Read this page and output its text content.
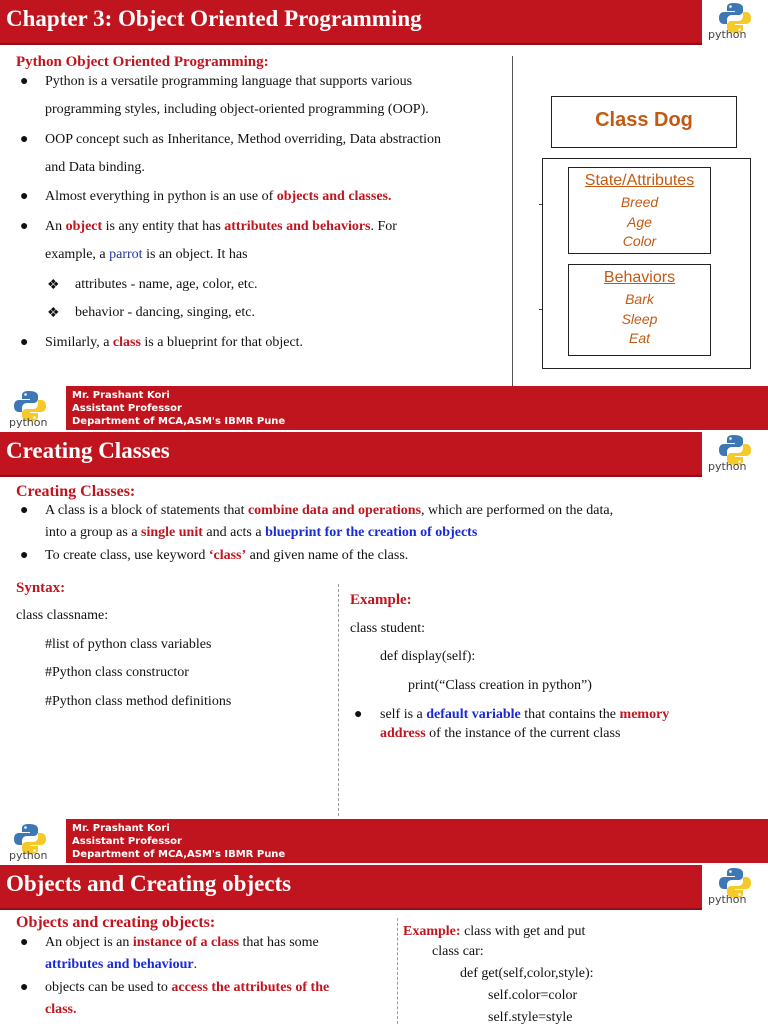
Chapter 3: Object Oriented Programming
python
Python Object Oriented Programming:
● Python is a versatile programming language that supports various
programming styles, including object-oriented programming (OOP).
● OOP concept such as Inheritance, Method overriding, Data abstraction
and Data binding.
● Almost everything in python is an use of objects and classes.
● An object is any entity that has attributes and behaviors. For
example, a parrot is an object. It has
❖ attributes - name, age, color, etc.
❖ behavior - dancing, singing, etc.
● Similarly, a class is a blueprint for that object.
Class Dog
State/Attributes
Breed
Age
Color
Behaviors
Bark
Sleep
Eat
python
Mr. Prashant Kori
Assistant Professor
Department of MCA,ASM's IBMR Pune
Creating Classes
python
Creating Classes:
● A class is a block of statements that combine data and operations, which are performed on the data,
into a group as a single unit and acts a blueprint for the creation of objects
● To create class, use keyword ‘class’ and given name of the class.
Syntax:
class classname:
#list of python class variables
#Python class constructor
#Python class method definitions
Example:
class student:
def display(self):
print(“Class creation in python”)
● self is a default variable that contains the memory
address of the instance of the current class
python
Mr. Prashant Kori
Assistant Professor
Department of MCA,ASM's IBMR Pune
Objects and Creating objects
python
Objects and creating objects:
● An object is an instance of a class that has some
attributes and behaviour.
● objects can be used to access the attributes of the
class.
Example: class with get and put
class car:
def get(self,color,style):
self.color=color
self.style=style
